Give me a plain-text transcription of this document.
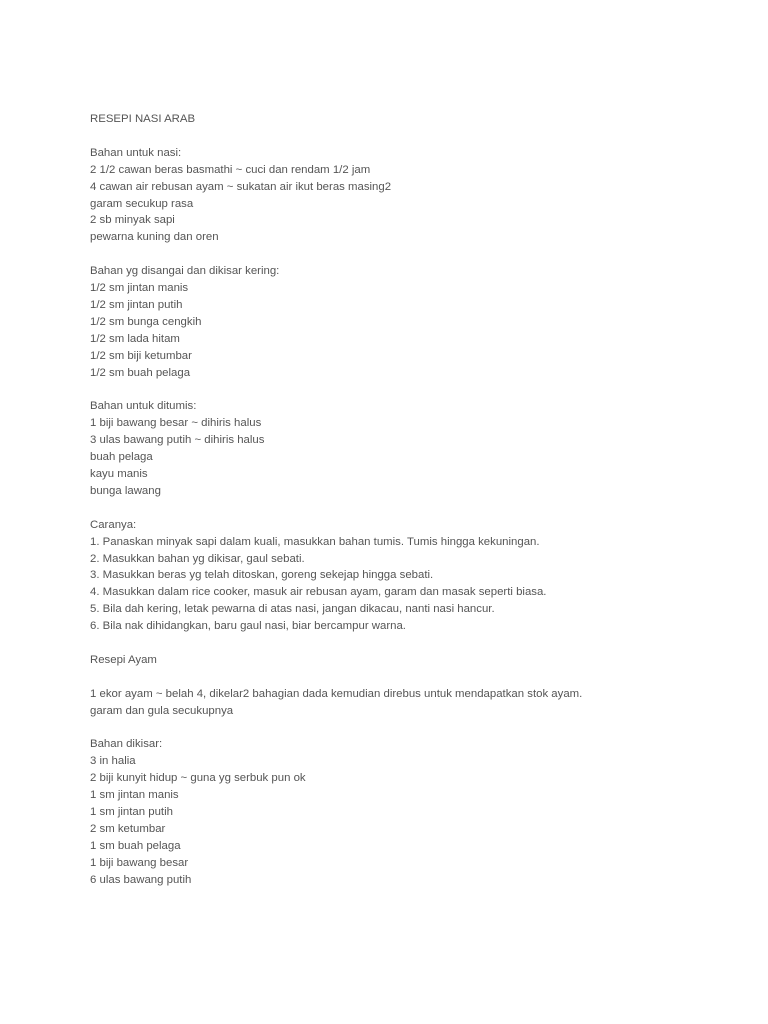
RESEPI NASI ARAB
Bahan untuk nasi:
2 1/2 cawan beras basmathi ~ cuci dan rendam 1/2 jam
4 cawan air rebusan ayam ~ sukatan air ikut beras masing2
garam secukup rasa
2 sb minyak sapi
pewarna kuning dan oren
Bahan yg disangai dan dikisar kering:
1/2 sm jintan manis
1/2 sm jintan putih
1/2 sm bunga cengkih
1/2 sm lada hitam
1/2 sm biji ketumbar
1/2 sm buah pelaga
Bahan untuk ditumis:
1 biji bawang besar ~ dihiris halus
3 ulas bawang putih ~ dihiris halus
buah pelaga
kayu manis
bunga lawang
Caranya:
1. Panaskan minyak sapi dalam kuali, masukkan bahan tumis. Tumis hingga kekuningan.
2. Masukkan bahan yg dikisar, gaul sebati.
3. Masukkan beras yg telah ditoskan, goreng sekejap hingga sebati.
4. Masukkan dalam rice cooker, masuk air rebusan ayam, garam dan masak seperti biasa.
5. Bila dah kering, letak pewarna di atas nasi, jangan dikacau, nanti nasi hancur.
6. Bila nak dihidangkan, baru gaul nasi, biar bercampur warna.
Resepi Ayam
1 ekor ayam ~ belah 4, dikelar2 bahagian dada kemudian direbus untuk mendapatkan stok ayam.
garam dan gula secukupnya
Bahan dikisar:
3 in halia
2 biji kunyit hidup ~ guna yg serbuk pun ok
1 sm jintan manis
1 sm jintan putih
2 sm ketumbar
1 sm buah pelaga
1 biji bawang besar
6 ulas bawang putih
